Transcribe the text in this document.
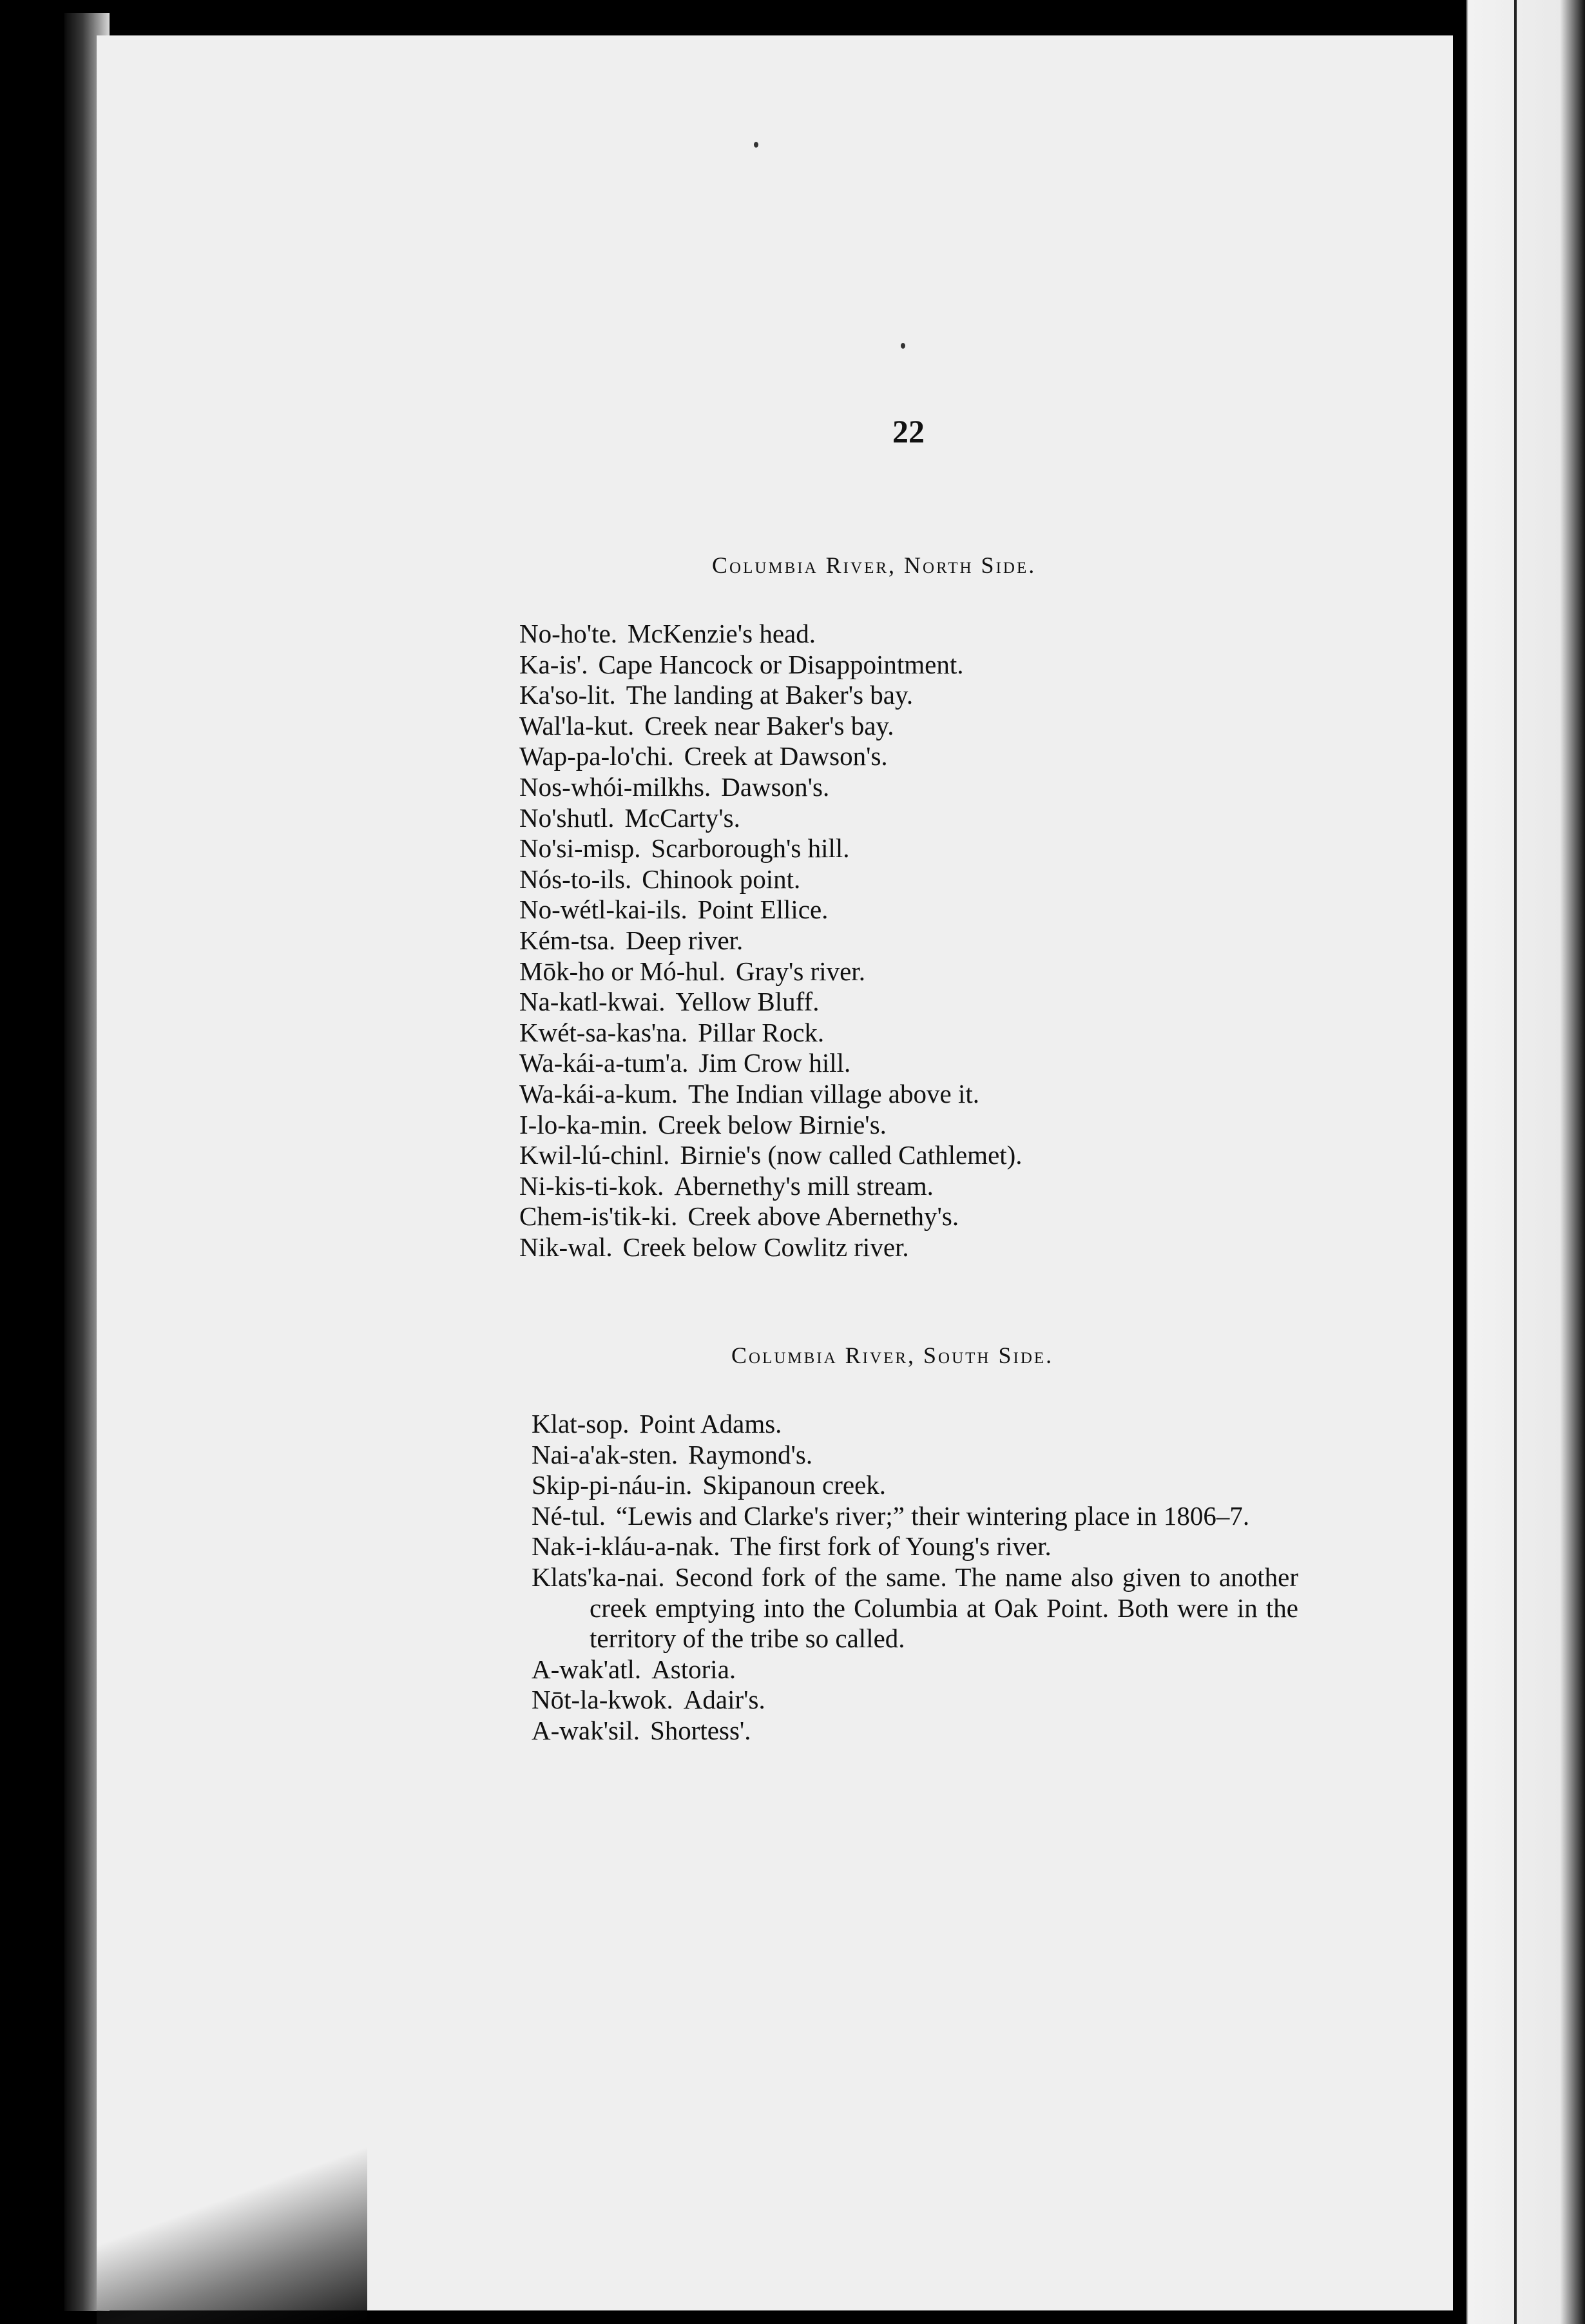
22
Columbia River, North Side.
No-ho'te. McKenzie's head.
Ka-is'. Cape Hancock or Disappointment.
Ka'so-lit. The landing at Baker's bay.
Wal'la-kut. Creek near Baker's bay.
Wap-pa-lo'chi. Creek at Dawson's.
Nos-whói-milkhs. Dawson's.
No'shutl. McCarty's.
No'si-misp. Scarborough's hill.
Nós-to-ils. Chinook point.
No-wétl-kai-ils. Point Ellice.
Kém-tsa. Deep river.
Mōk-ho or Mó-hul. Gray's river.
Na-katl-kwai. Yellow Bluff.
Kwét-sa-kas'na. Pillar Rock.
Wa-kái-a-tum'a. Jim Crow hill.
Wa-kái-a-kum. The Indian village above it.
I-lo-ka-min. Creek below Birnie's.
Kwil-lú-chinl. Birnie's (now called Cathlemet).
Ni-kis-ti-kok. Abernethy's mill stream.
Chem-is'tik-ki. Creek above Abernethy's.
Nik-wal. Creek below Cowlitz river.
Columbia River, South Side.
Klat-sop. Point Adams.
Nai-a'ak-sten. Raymond's.
Skip-pi-náu-in. Skipanoun creek.
Né-tul. “Lewis and Clarke's river;” their wintering place in 1806–7.
Nak-i-kláu-a-nak. The first fork of Young's river.
Klats'ka-nai. Second fork of the same. The name also given to another creek emptying into the Columbia at Oak Point. Both were in the territory of the tribe so called.
A-wak'atl. Astoria.
Nōt-la-kwok. Adair's.
A-wak'sil. Shortess'.
